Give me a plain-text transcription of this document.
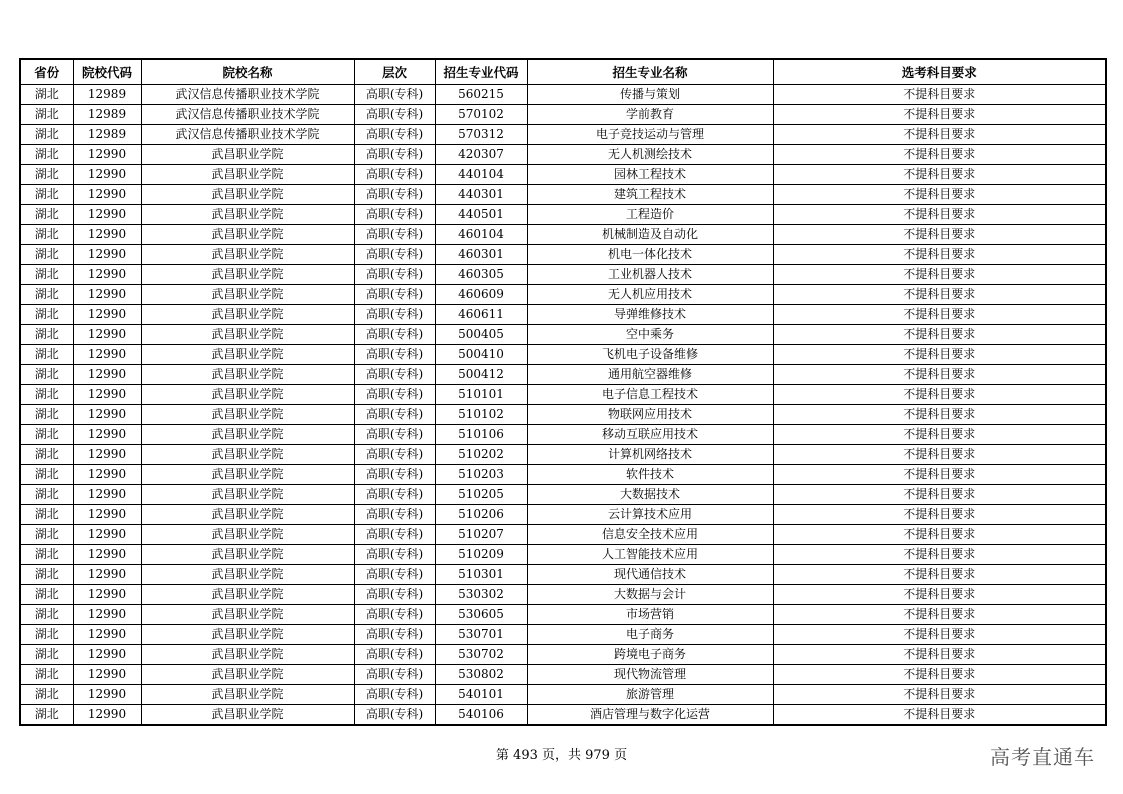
省份	院校代码	院校名称	层次	招生专业代码	招生专业名称	选考科目要求
湖北	12989	武汉信息传播职业技术学院	高职(专科)	560215	传播与策划	不提科目要求
湖北	12989	武汉信息传播职业技术学院	高职(专科)	570102	学前教育	不提科目要求
湖北	12989	武汉信息传播职业技术学院	高职(专科)	570312	电子竞技运动与管理	不提科目要求
湖北	12990	武昌职业学院	高职(专科)	420307	无人机测绘技术	不提科目要求
湖北	12990	武昌职业学院	高职(专科)	440104	园林工程技术	不提科目要求
湖北	12990	武昌职业学院	高职(专科)	440301	建筑工程技术	不提科目要求
湖北	12990	武昌职业学院	高职(专科)	440501	工程造价	不提科目要求
湖北	12990	武昌职业学院	高职(专科)	460104	机械制造及自动化	不提科目要求
湖北	12990	武昌职业学院	高职(专科)	460301	机电一体化技术	不提科目要求
湖北	12990	武昌职业学院	高职(专科)	460305	工业机器人技术	不提科目要求
湖北	12990	武昌职业学院	高职(专科)	460609	无人机应用技术	不提科目要求
湖北	12990	武昌职业学院	高职(专科)	460611	导弹维修技术	不提科目要求
湖北	12990	武昌职业学院	高职(专科)	500405	空中乘务	不提科目要求
湖北	12990	武昌职业学院	高职(专科)	500410	飞机电子设备维修	不提科目要求
湖北	12990	武昌职业学院	高职(专科)	500412	通用航空器维修	不提科目要求
湖北	12990	武昌职业学院	高职(专科)	510101	电子信息工程技术	不提科目要求
湖北	12990	武昌职业学院	高职(专科)	510102	物联网应用技术	不提科目要求
湖北	12990	武昌职业学院	高职(专科)	510106	移动互联应用技术	不提科目要求
湖北	12990	武昌职业学院	高职(专科)	510202	计算机网络技术	不提科目要求
湖北	12990	武昌职业学院	高职(专科)	510203	软件技术	不提科目要求
湖北	12990	武昌职业学院	高职(专科)	510205	大数据技术	不提科目要求
湖北	12990	武昌职业学院	高职(专科)	510206	云计算技术应用	不提科目要求
湖北	12990	武昌职业学院	高职(专科)	510207	信息安全技术应用	不提科目要求
湖北	12990	武昌职业学院	高职(专科)	510209	人工智能技术应用	不提科目要求
湖北	12990	武昌职业学院	高职(专科)	510301	现代通信技术	不提科目要求
湖北	12990	武昌职业学院	高职(专科)	530302	大数据与会计	不提科目要求
湖北	12990	武昌职业学院	高职(专科)	530605	市场营销	不提科目要求
湖北	12990	武昌职业学院	高职(专科)	530701	电子商务	不提科目要求
湖北	12990	武昌职业学院	高职(专科)	530702	跨境电子商务	不提科目要求
湖北	12990	武昌职业学院	高职(专科)	530802	现代物流管理	不提科目要求
湖北	12990	武昌职业学院	高职(专科)	540101	旅游管理	不提科目要求
湖北	12990	武昌职业学院	高职(专科)	540106	酒店管理与数字化运营	不提科目要求
第 493 页，共 979 页	高考直通车
